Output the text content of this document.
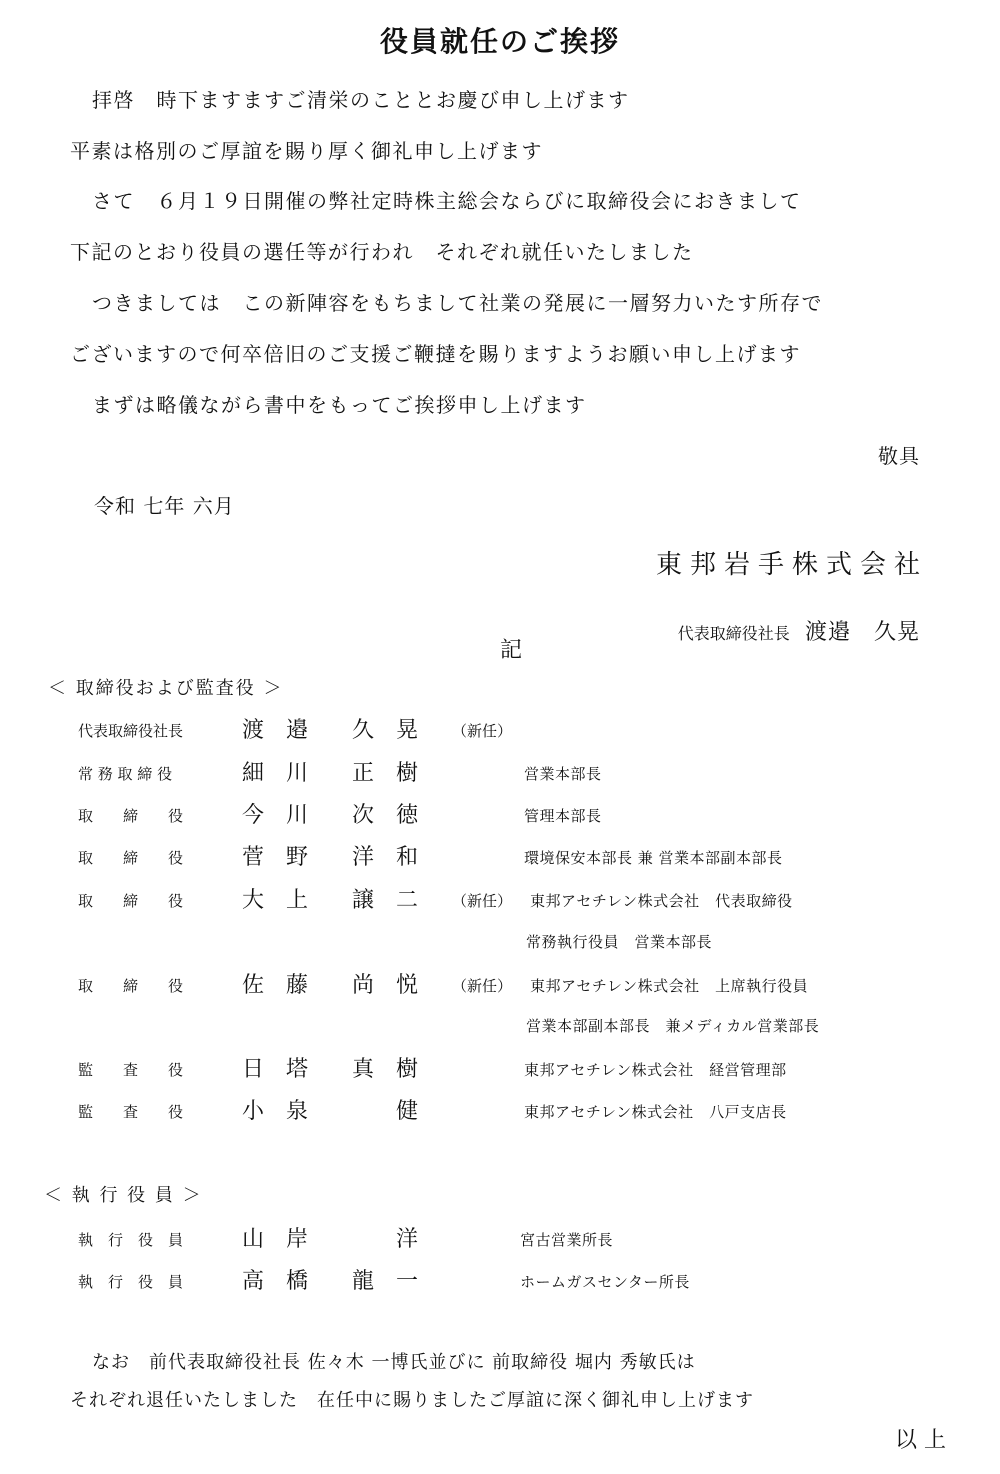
役員就任のご挨拶
拝啓　時下ますますご清栄のこととお慶び申し上げます
平素は格別のご厚誼を賜り厚く御礼申し上げます
さて　６月１９日開催の弊社定時株主総会ならびに取締役会におきまして
下記のとおり役員の選任等が行われ　それぞれ就任いたしました
つきましては　この新陣容をもちまして社業の発展に一層努力いたす所存で
ございますので何卒倍旧のご支援ご鞭撻を賜りますようお願い申し上げます
まずは略儀ながら書中をもってご挨拶申し上げます
敬具
令和 七年 六月
東邦岩手株式会社

代表取締役社長 渡邉　久晃

記
＜ 取締役および監査役 ＞
代表取締役社長	渡　邉 久　晃 （新任）
常 務 取 締 役	細　川 正　樹	営業本部長
取　　締　　役	今　川 次　徳	管理本部長
取　　締　　役	菅　野 洋　和	環境保安本部長 兼 営業本部副本部長
取　　締　　役	大　上 譲　二 （新任） 東邦アセチレン株式会社　代表取締役
常務執行役員　営業本部長
取　　締　　役	佐　藤 尚　悦 （新任） 東邦アセチレン株式会社　上席執行役員
営業本部副本部長　兼メディカル営業部長
監　　査　　役	日　塔 真　樹	東邦アセチレン株式会社　経営管理部
監　　査　　役	小　泉 　　健	東邦アセチレン株式会社　八戸支店長
＜ 執 行 役 員 ＞
執　行　役　員	山　岸 　　洋	宮古営業所長
執　行　役　員	高　橋 龍　一	ホームガスセンター所長
なお　前代表取締役社長 佐々木 一博氏並びに 前取締役 堀内 秀敏氏は
それぞれ退任いたしました　在任中に賜りましたご厚誼に深く御礼申し上げます
以 上
